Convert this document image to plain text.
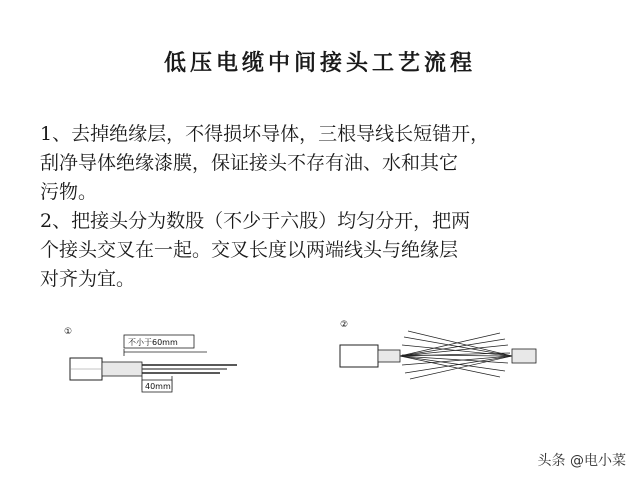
低压电缆中间接头工艺流程
1、去掉绝缘层，不得损坏导体，三根导线长短错开，
刮净导体绝缘漆膜，保证接头不存有油、水和其它
污物。
2、把接头分为数股（不少于六股）均匀分开，把两
个接头交叉在一起。交叉长度以两端线头与绝缘层
对齐为宜。
①
不小于60mm
40mm
②
头条 @电小菜
